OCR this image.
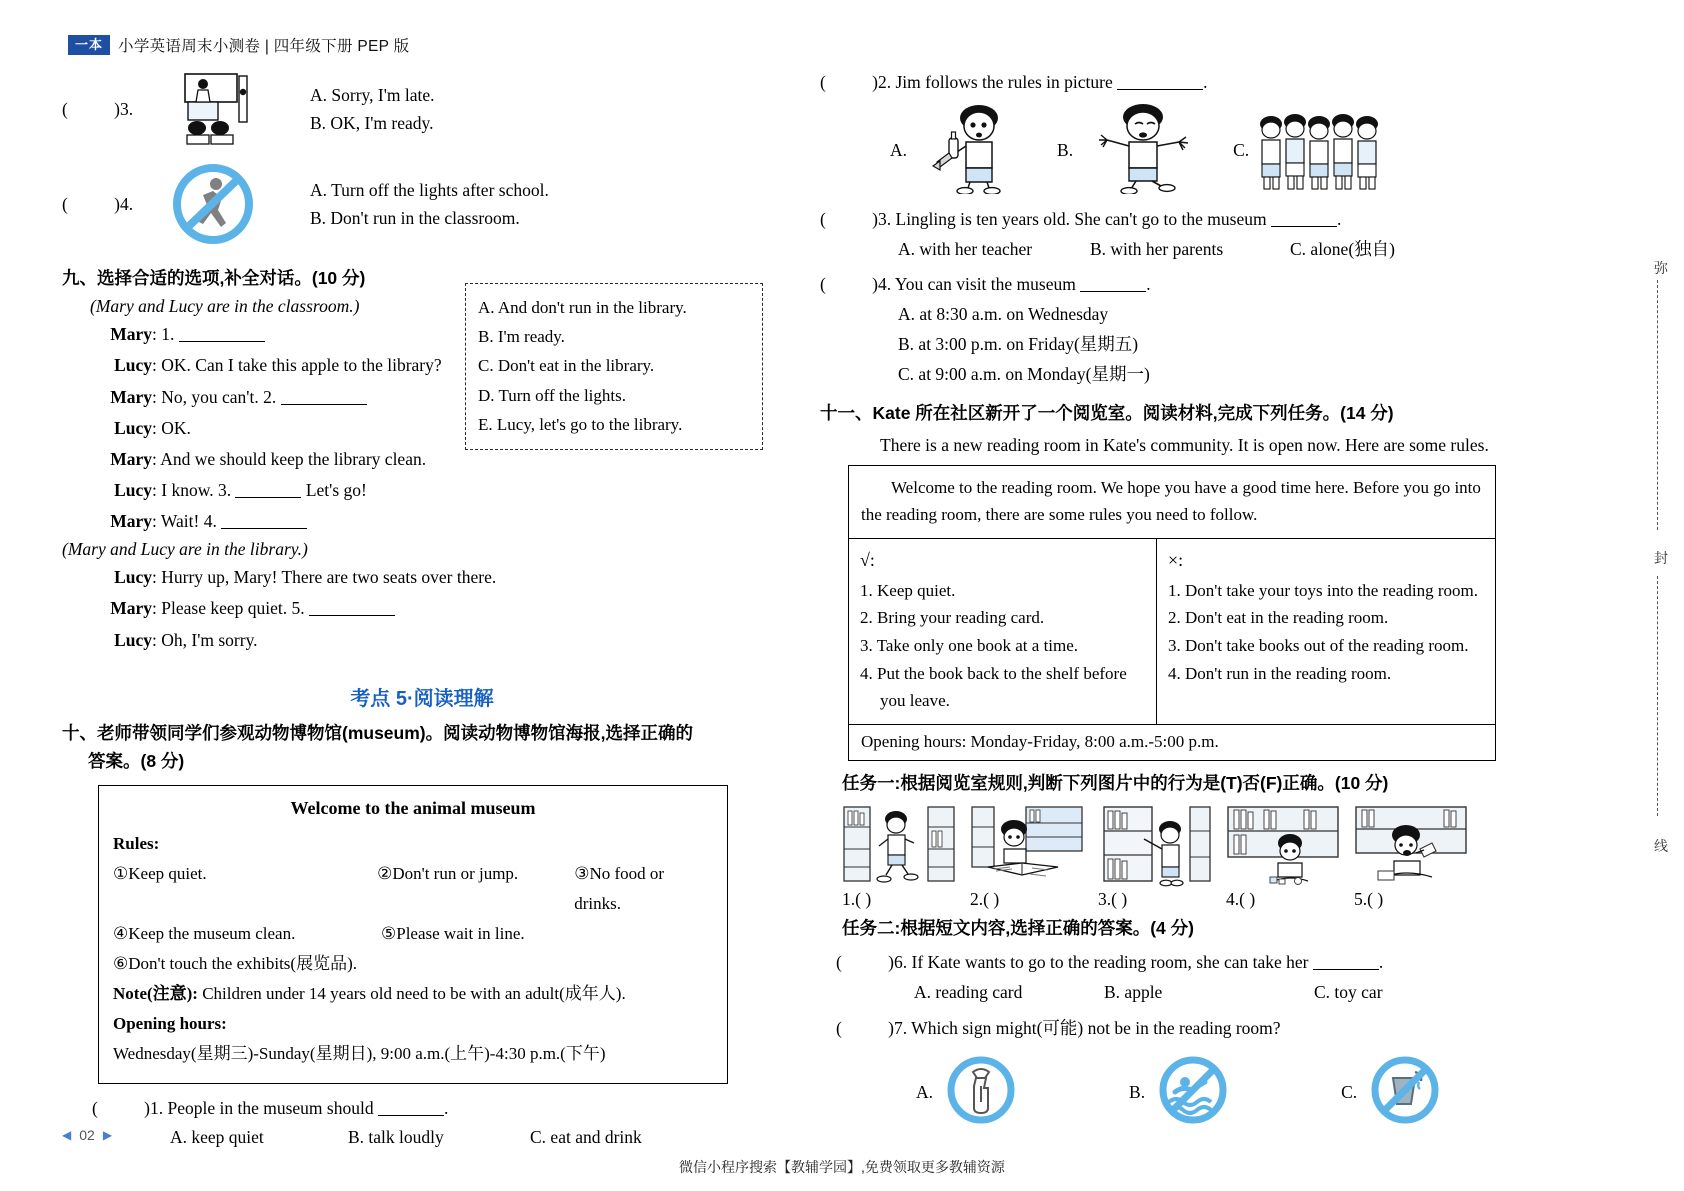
一本 小学英语周末小测卷 | 四年级下册 PEP 版
( )3.
A. Sorry, I'm late.
B. OK, I'm ready.
( )4.
A. Turn off the lights after school.
B. Don't run in the classroom.
九、选择合适的选项,补全对话。(10 分)
(Mary and Lucy are in the classroom.)
Mary: 1.
Lucy: OK. Can I take this apple to the library?
Mary: No, you can't. 2.
Lucy: OK.
Mary: And we should keep the library clean.
Lucy: I know. 3.	Let's go!
Mary: Wait! 4.
(Mary and Lucy are in the library.)
Lucy: Hurry up, Mary! There are two seats over there.
Mary: Please keep quiet. 5.
Lucy: Oh, I'm sorry.
考点 5·阅读理解
十、老师带领同学们参观动物博物馆(museum)。阅读动物博物馆海报,选择正确的
答案。(8 分)
Welcome to the animal museum
Rules:
①Keep quiet.	②Don't run or jump.	③No food or drinks.
④Keep the museum clean.	⑤Please wait in line.
⑥Don't touch the exhibits(展览品).
Note(注意): Children under 14 years old need to be with an adult(成年人).
Opening hours:
Wednesday(星期三)-Sunday(星期日), 9:00 a.m.(上午)-4:30 p.m.(下午)
( )1. People in the museum should	.
A. keep quiet	B. talk loudly	C. eat and drink
( )2. Jim follows the rules in picture	.
A.	B.	C.
( )3. Lingling is ten years old. She can't go to the museum	.
A. with her teacher	B. with her parents	C. alone(独自)
( )4. You can visit the museum	.
A. at 8:30 a.m. on Wednesday
B. at 3:00 p.m. on Friday(星期五)
C. at 9:00 a.m. on Monday(星期一)
十一、Kate 所在社区新开了一个阅览室。阅读材料,完成下列任务。(14 分)
There is a new reading room in Kate's community. It is open now. Here are some rules.
Welcome to the reading room. We hope you have a good time here. Before you go into the reading room, there are some rules you need to follow.
√:
1. Keep quiet.
2. Bring your reading card.
3. Take only one book at a time.
4. Put the book back to the shelf before you leave.
×:
1. Don't take your toys into the reading room.
2. Don't eat in the reading room.
3. Don't take books out of the reading room.
4. Don't run in the reading room.
Opening hours: Monday-Friday, 8:00 a.m.-5:00 p.m.
任务一:根据阅览室规则,判断下列图片中的行为是(T)否(F)正确。(10 分)
1.( )	2.( )	3.( )	4.( )	5.( )
任务二:根据短文内容,选择正确的答案。(4 分)
( )6. If Kate wants to go to the reading room, she can take her	.
A. reading card	B. apple	C. toy car
( )7. Which sign might(可能) not be in the reading room?
A.	B.	C.
A. And don't run in the library.
B. I'm ready.
C. Don't eat in the library.
D. Turn off the lights.
E. Lucy, let's go to the library.
弥
封
线
◀ 02 ▶
微信小程序搜索【教辅学园】,免费领取更多教辅资源
